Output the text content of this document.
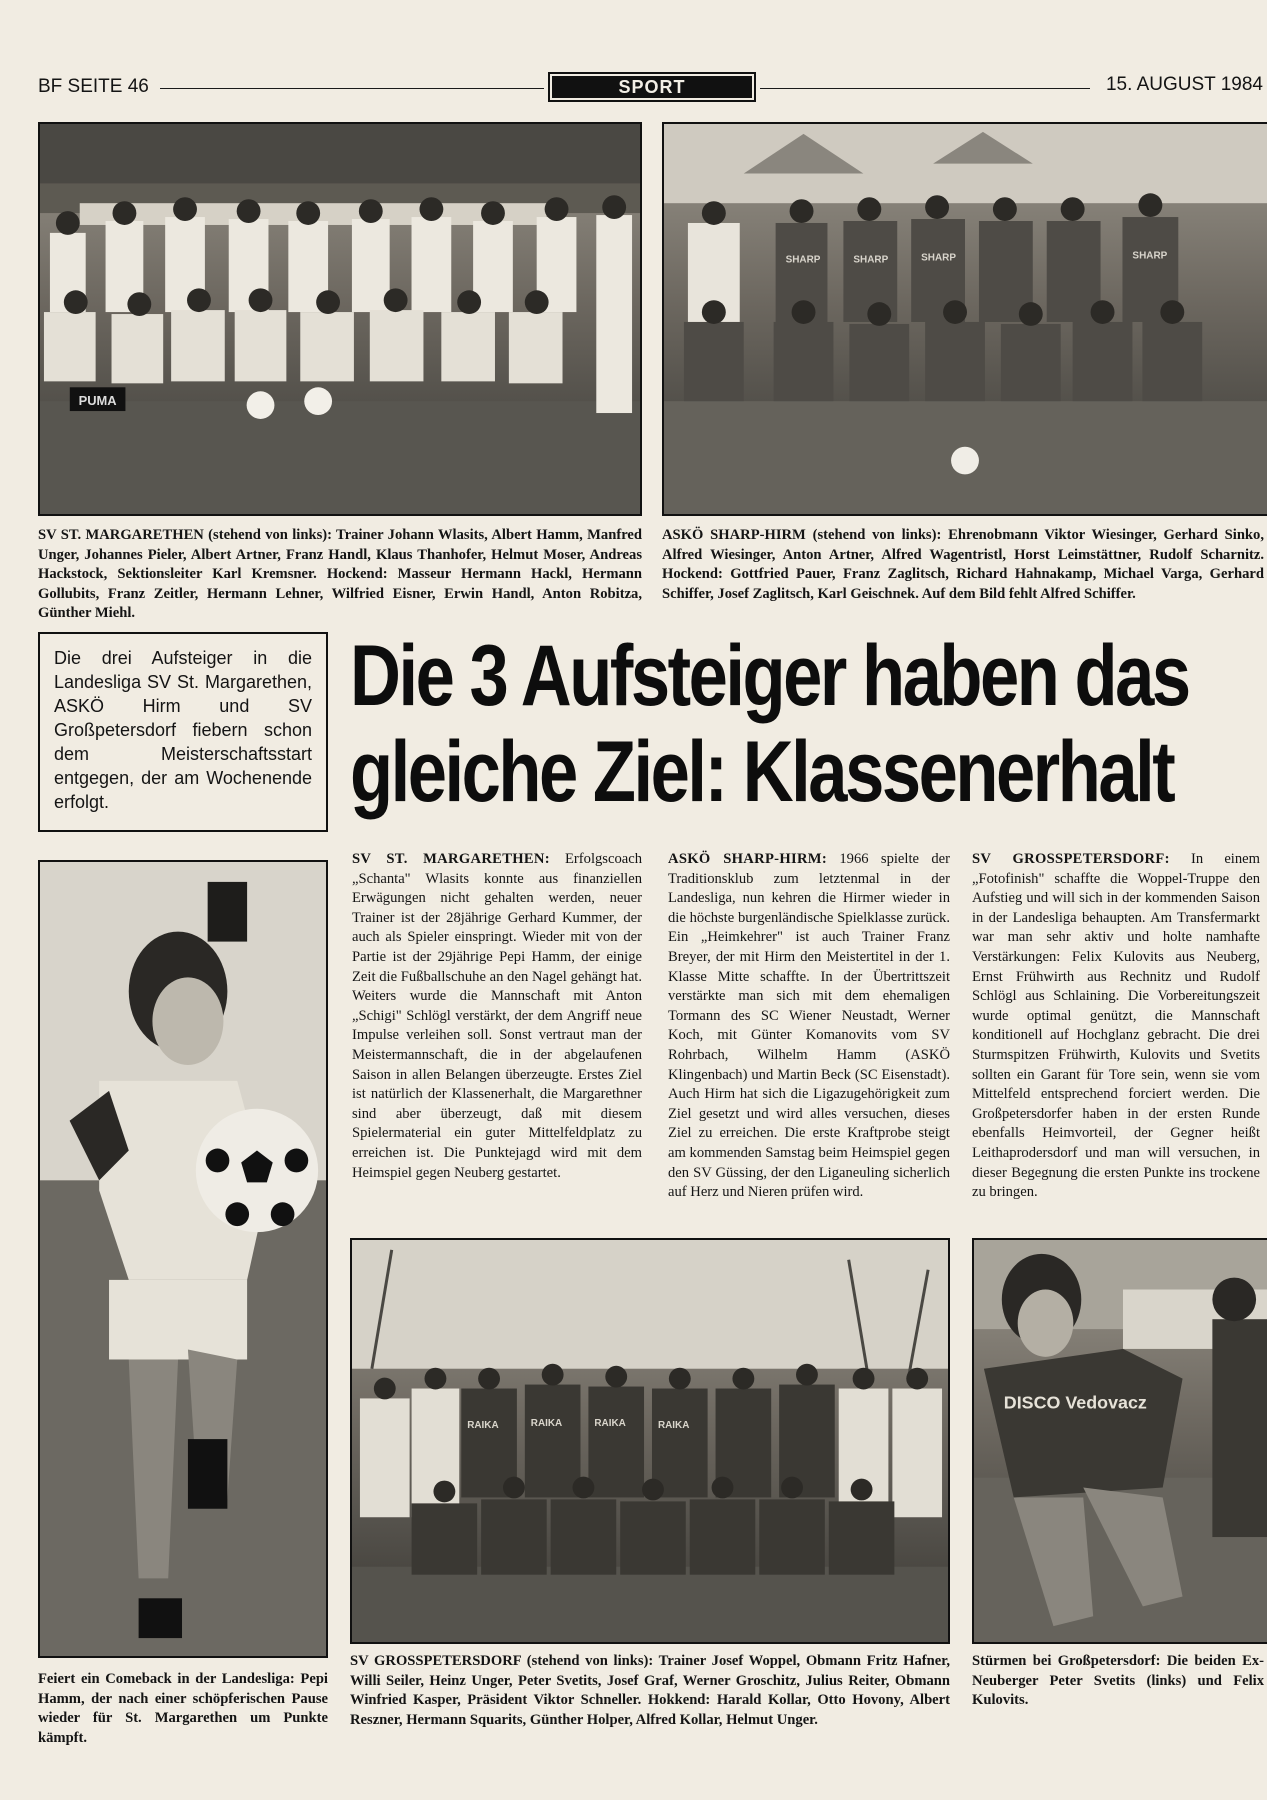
BF SEITE 46	SPORT	15. AUGUST 1984
PUMA
SHARP	SHARP	SHARP	SHARP

SV ST. MARGARETHEN (stehend von links): Trainer Johann Wlasits, Albert Hamm, Manfred Unger, Johannes Pieler, Albert Artner, Franz Handl, Klaus Thanhofer, Helmut Moser, Andreas Hackstock, Sektionsleiter Karl Kremsner. Hockend: Masseur Hermann Hackl, Hermann Gollubits, Franz Zeitler, Hermann Lehner, Wilfried Eisner, Erwin Handl, Anton Robitza, Günther Miehl.

ASKÖ SHARP-HIRM (stehend von links): Ehrenobmann Viktor Wiesinger, Gerhard Sinko, Alfred Wiesinger, Anton Artner, Alfred Wagentristl, Horst Leimstättner, Rudolf Scharnitz. Hockend: Gottfried Pauer, Franz Zaglitsch, Richard Hahnakamp, Michael Varga, Gerhard Schiffer, Josef Zaglitsch, Karl Geischnek. Auf dem Bild fehlt Alfred Schiffer.

Die drei Aufsteiger in die Landesliga SV St. Margarethen, ASKÖ Hirm und SV Großpetersdorf fiebern schon dem Meisterschaftsstart entgegen, der am Wochenende erfolgt.
Die 3 Aufsteiger haben das
gleiche Ziel: Klassenerhalt

Feiert ein Comeback in der Landesliga: Pepi Hamm, der nach einer schöpferischen Pause wieder für St. Margarethen um Punkte kämpft.

SV ST. MARGARETHEN: Erfolgscoach „Schanta" Wlasits konnte aus finanziellen Erwägungen nicht gehalten werden, neuer Trainer ist der 28jährige Gerhard Kummer, der auch als Spieler einspringt. Wieder mit von der Partie ist der 29jährige Pepi Hamm, der einige Zeit die Fußballschuhe an den Nagel gehängt hat. Weiters wurde die Mannschaft mit Anton „Schigi" Schlögl verstärkt, der dem Angriff neue Impulse verleihen soll. Sonst vertraut man der Meistermannschaft, die in der abgelaufenen Saison in allen Belangen überzeugte. Erstes Ziel ist natürlich der Klassenerhalt, die Margarethner sind aber überzeugt, daß mit diesem Spielermaterial ein guter Mittelfeldplatz zu erreichen ist. Die Punktejagd wird mit dem Heimspiel gegen Neuberg gestartet.

ASKÖ SHARP-HIRM: 1966 spielte der Traditionsklub zum letztenmal in der Landesliga, nun kehren die Hirmer wieder in die höchste burgenländische Spielklasse zurück. Ein „Heimkehrer" ist auch Trainer Franz Breyer, der mit Hirm den Meistertitel in der 1. Klasse Mitte schaffte. In der Übertrittszeit verstärkte man sich mit dem ehemaligen Tormann des SC Wiener Neustadt, Werner Koch, mit Günter Komanovits vom SV Rohrbach, Wilhelm Hamm (ASKÖ Klingenbach) und Martin Beck (SC Eisenstadt). Auch Hirm hat sich die Ligazugehörigkeit zum Ziel gesetzt und wird alles versuchen, dieses Ziel zu erreichen. Die erste Kraftprobe steigt am kommenden Samstag beim Heimspiel gegen den SV Güssing, der den Liganeuling sicherlich auf Herz und Nieren prüfen wird.

SV GROSSPETERSDORF: In einem „Fotofinish" schaffte die Woppel-Truppe den Aufstieg und will sich in der kommenden Saison in der Landesliga behaupten. Am Transfermarkt war man sehr aktiv und holte namhafte Verstärkungen: Felix Kulovits aus Neuberg, Ernst Frühwirth aus Rechnitz und Rudolf Schlögl aus Schlaining. Die Vorbereitungszeit wurde optimal genützt, die Mannschaft konditionell auf Hochglanz gebracht. Die drei Sturmspitzen Frühwirth, Kulovits und Svetits sollten ein Garant für Tore sein, wenn sie vom Mittelfeld entsprechend forciert werden. Die Großpetersdorfer haben in der ersten Runde ebenfalls Heimvorteil, der Gegner heißt Leithaprodersdorf und man will versuchen, in dieser Begegnung die ersten Punkte ins trockene zu bringen.

RAIKA	RAIKA	RAIKA	RAIKA

SV GROSSPETERSDORF (stehend von links): Trainer Josef Woppel, Obmann Fritz Hafner, Willi Seiler, Heinz Unger, Peter Svetits, Josef Graf, Werner Groschitz, Julius Reiter, Obmann Winfried Kasper, Präsident Viktor Schneller. Hokkend: Harald Kollar, Otto Hovony, Albert Reszner, Hermann Squarits, Günther Holper, Alfred Kollar, Helmut Unger.

DISCO Vedovacz

Stürmen bei Großpetersdorf: Die beiden Ex-Neuberger Peter Svetits (links) und Felix Kulovits.
